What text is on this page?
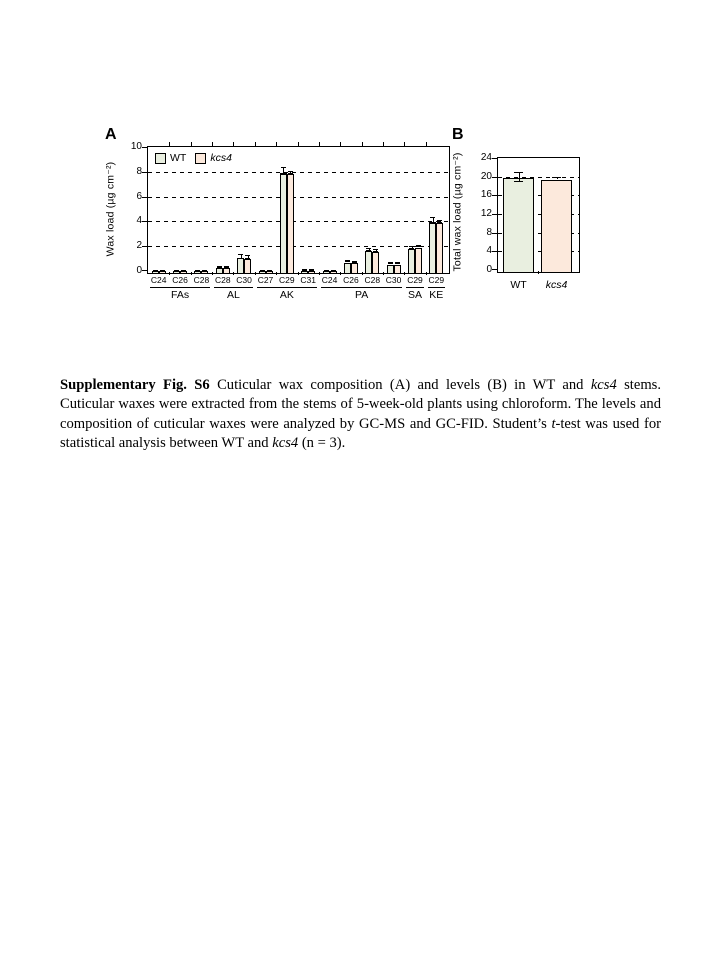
A	B
Wax load (µg cm⁻²)	Total wax load (µg cm⁻²)
0
2
4
6
8
10
C24 C26 C28 C28 C30 C27 C29 C31 C24 C26 C28 C30 C29 C29
FAs	AL	AK	PA	SA KE
WT kcs4
0
4
8
12
16
20
24
WT	kcs4

Supplementary Fig. S6 Cuticular wax composition (A) and levels (B) in WT and kcs4 stems. Cuticular waxes were extracted from the stems of 5-week-old plants using chloroform. The levels and composition of cuticular waxes were analyzed by GC-MS and GC-FID. Student’s t-test was used for statistical analysis between WT and kcs4 (n = 3).
